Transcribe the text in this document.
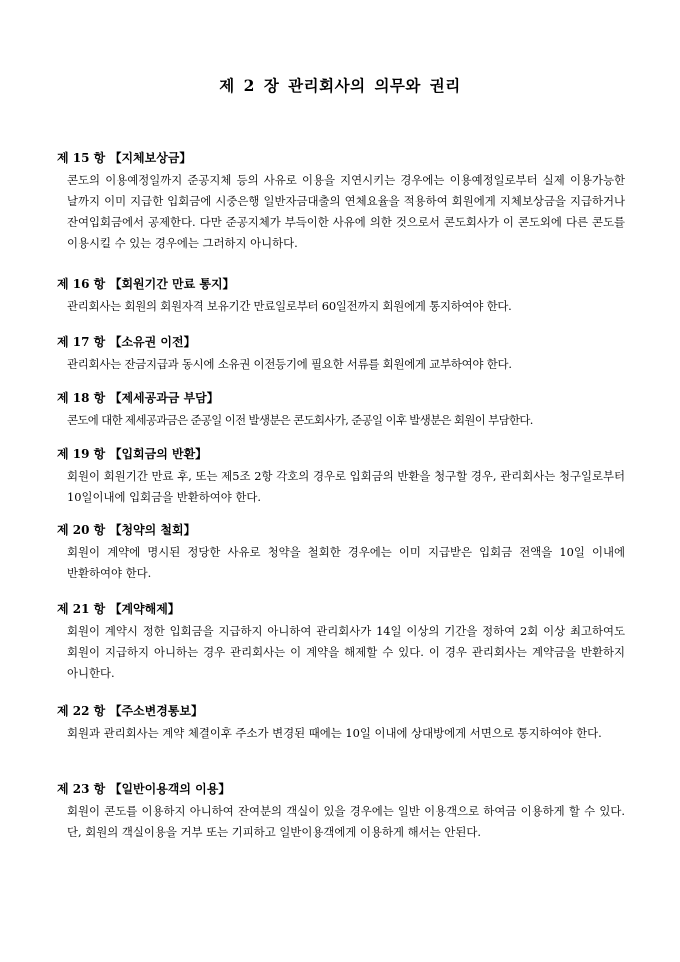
제 2 장 관리회사의 의무와 권리
제 15 항 【지체보상금】
콘도의 이용예정일까지 준공지체 등의 사유로 이용을 지연시키는 경우에는 이용예정일로부터 실제 이용가능한 날까지 이미 지급한 입회금에 시중은행 일반자금대출의 연체요율을 적용하여 회원에게 지체보상금을 지급하거나 잔여입회금에서 공제한다. 다만 준공지체가 부득이한 사유에 의한 것으로서 콘도회사가 이 콘도외에 다른 콘도를 이용시킬 수 있는 경우에는 그러하지 아니하다.
제 16 항 【회원기간 만료 통지】
관리회사는 회원의 회원자격 보유기간 만료일로부터 60일전까지 회원에게 통지하여야 한다.
제 17 항 【소유권 이전】
관리회사는 잔금지급과 동시에 소유권 이전등기에 필요한 서류를 회원에게 교부하여야 한다.
제 18 항 【제세공과금 부담】
콘도에 대한 제세공과금은 준공일 이전 발생분은 콘도회사가, 준공일 이후 발생분은 회원이 부담한다.
제 19 항 【입회금의 반환】
회원이 회원기간 만료 후, 또는 제5조 2항 각호의 경우로 입회금의 반환을 청구할 경우, 관리회사는 청구일로부터 10일이내에 입회금을 반환하여야 한다.
제 20 항 【청약의 철회】
회원이 계약에 명시된 정당한 사유로 청약을 철회한 경우에는 이미 지급받은 입회금 전액을 10일 이내에 반환하여야 한다.
제 21 항 【계약해제】
회원이 계약시 정한 입회금을 지급하지 아니하여 관리회사가 14일 이상의 기간을 정하여 2회 이상 최고하여도 회원이 지급하지 아니하는 경우 관리회사는 이 계약을 해제할 수 있다. 이 경우 관리회사는 계약금을 반환하지 아니한다.
제 22 항 【주소변경통보】
회원과 관리회사는 계약 체결이후 주소가 변경된 때에는 10일 이내에 상대방에게 서면으로 통지하여야 한다.
제 23 항 【일반이용객의 이용】
회원이 콘도를 이용하지 아니하여 잔여분의 객실이 있을 경우에는 일반 이용객으로 하여금 이용하게 할 수 있다. 단, 회원의 객실이용을 거부 또는 기피하고 일반이용객에게 이용하게 해서는 안된다.
